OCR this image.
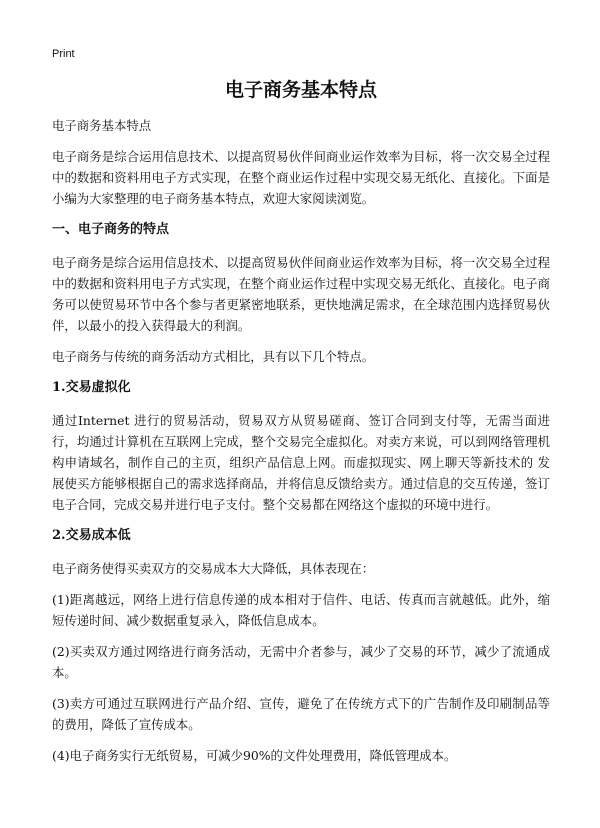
Print
电子商务基本特点
电子商务基本特点
电子商务是综合运用信息技术、以提高贸易伙伴间商业运作效率为目标，将一次交易全过程中的数据和资料用电子方式实现，在整个商业运作过程中实现交易无纸化、直接化。下面是小编为大家整理的电子商务基本特点，欢迎大家阅读浏览。
一、电子商务的特点
电子商务是综合运用信息技术、以提高贸易伙伴间商业运作效率为目标，将一次交易全过程中的数据和资料用电子方式实现，在整个商业运作过程中实现交易无纸化、直接化。电子商务可以使贸易环节中各个参与者更紧密地联系，更快地满足需求，在全球范围内选择贸易伙伴，以最小的投入获得最大的利润。
电子商务与传统的商务活动方式相比，具有以下几个特点。
1.交易虚拟化
通过Internet 进行的贸易活动，贸易双方从贸易磋商、签订合同到支付等，无需当面进行，均通过计算机在互联网上完成，整个交易完全虚拟化。对卖方来说，可以到网络管理机构申请域名，制作自己的主页，组织产品信息上网。而虚拟现实、网上聊天等新技术的 发展使买方能够根据自己的需求选择商品，并将信息反馈给卖方。通过信息的交互传递，签订电子合同，完成交易并进行电子支付。整个交易都在网络这个虚拟的环境中进行。
2.交易成本低
电子商务使得买卖双方的交易成本大大降低，具体表现在：
(1)距离越远，网络上进行信息传递的成本相对于信件、电话、传真而言就越低。此外，缩短传递时间、减少数据重复录入，降低信息成本。
(2)买卖双方通过网络进行商务活动，无需中介者参与，减少了交易的环节，减少了流通成本。
(3)卖方可通过互联网进行产品介绍、宣传，避免了在传统方式下的广告制作及印刷制品等的费用，降低了宣传成本。
(4)电子商务实行无纸贸易，可减少90%的文件处理费用，降低管理成本。
